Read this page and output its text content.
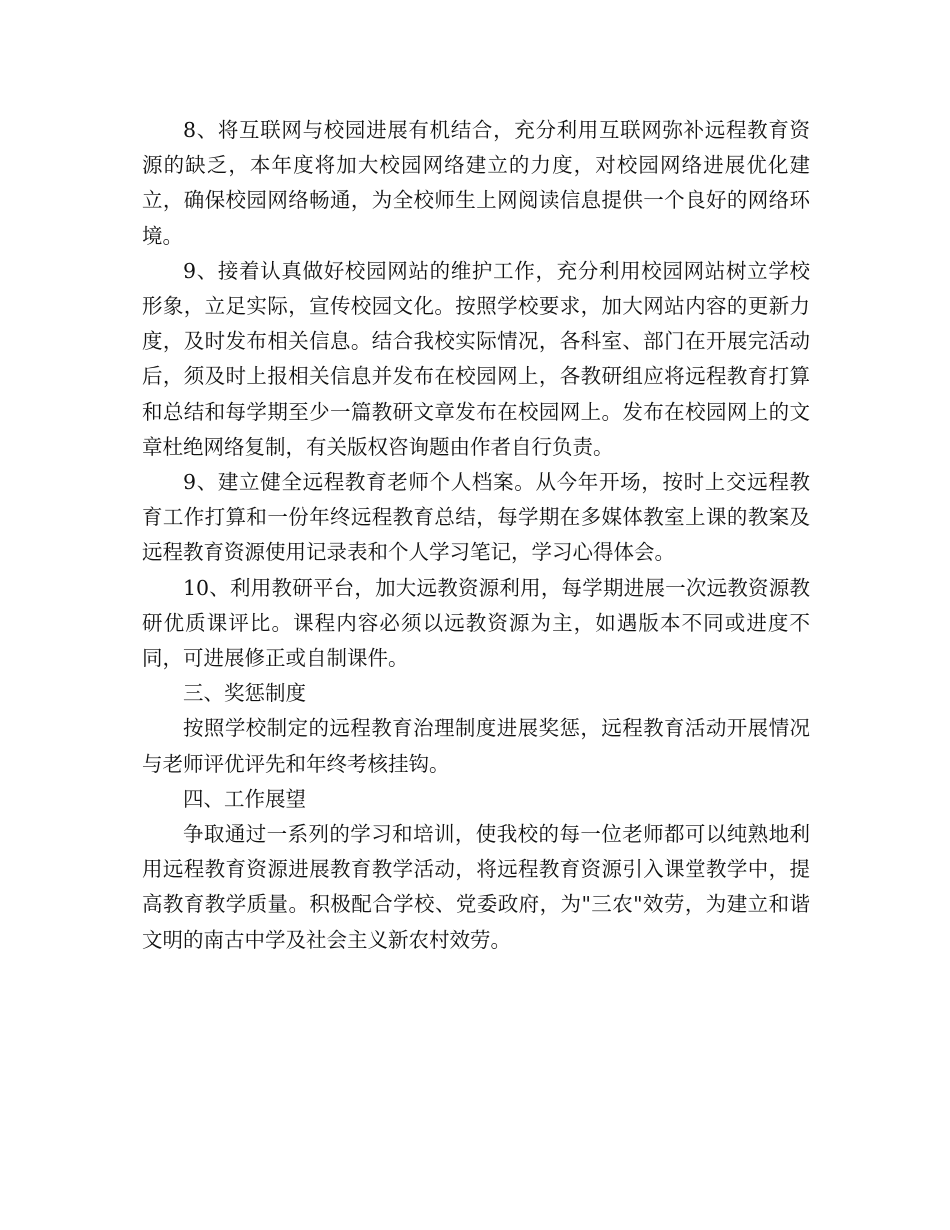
8、将互联网与校园进展有机结合，充分利用互联网弥补远程教育资源的缺乏，本年度将加大校园网络建立的力度，对校园网络进展优化建立，确保校园网络畅通，为全校师生上网阅读信息提供一个良好的网络环境。

9、接着认真做好校园网站的维护工作，充分利用校园网站树立学校形象，立足实际，宣传校园文化。按照学校要求，加大网站内容的更新力度，及时发布相关信息。结合我校实际情况，各科室、部门在开展完活动后，须及时上报相关信息并发布在校园网上，各教研组应将远程教育打算和总结和每学期至少一篇教研文章发布在校园网上。发布在校园网上的文章杜绝网络复制，有关版权咨询题由作者自行负责。

9、建立健全远程教育老师个人档案。从今年开场，按时上交远程教育工作打算和一份年终远程教育总结，每学期在多媒体教室上课的教案及远程教育资源使用记录表和个人学习笔记，学习心得体会。

10、利用教研平台，加大远教资源利用，每学期进展一次远教资源教研优质课评比。课程内容必须以远教资源为主，如遇版本不同或进度不同，可进展修正或自制课件。

三、奖惩制度

按照学校制定的远程教育治理制度进展奖惩，远程教育活动开展情况与老师评优评先和年终考核挂钩。

四、工作展望

争取通过一系列的学习和培训，使我校的每一位老师都可以纯熟地利用远程教育资源进展教育教学活动，将远程教育资源引入课堂教学中，提高教育教学质量。积极配合学校、党委政府，为"三农"效劳，为建立和谐文明的南古中学及社会主义新农村效劳。
